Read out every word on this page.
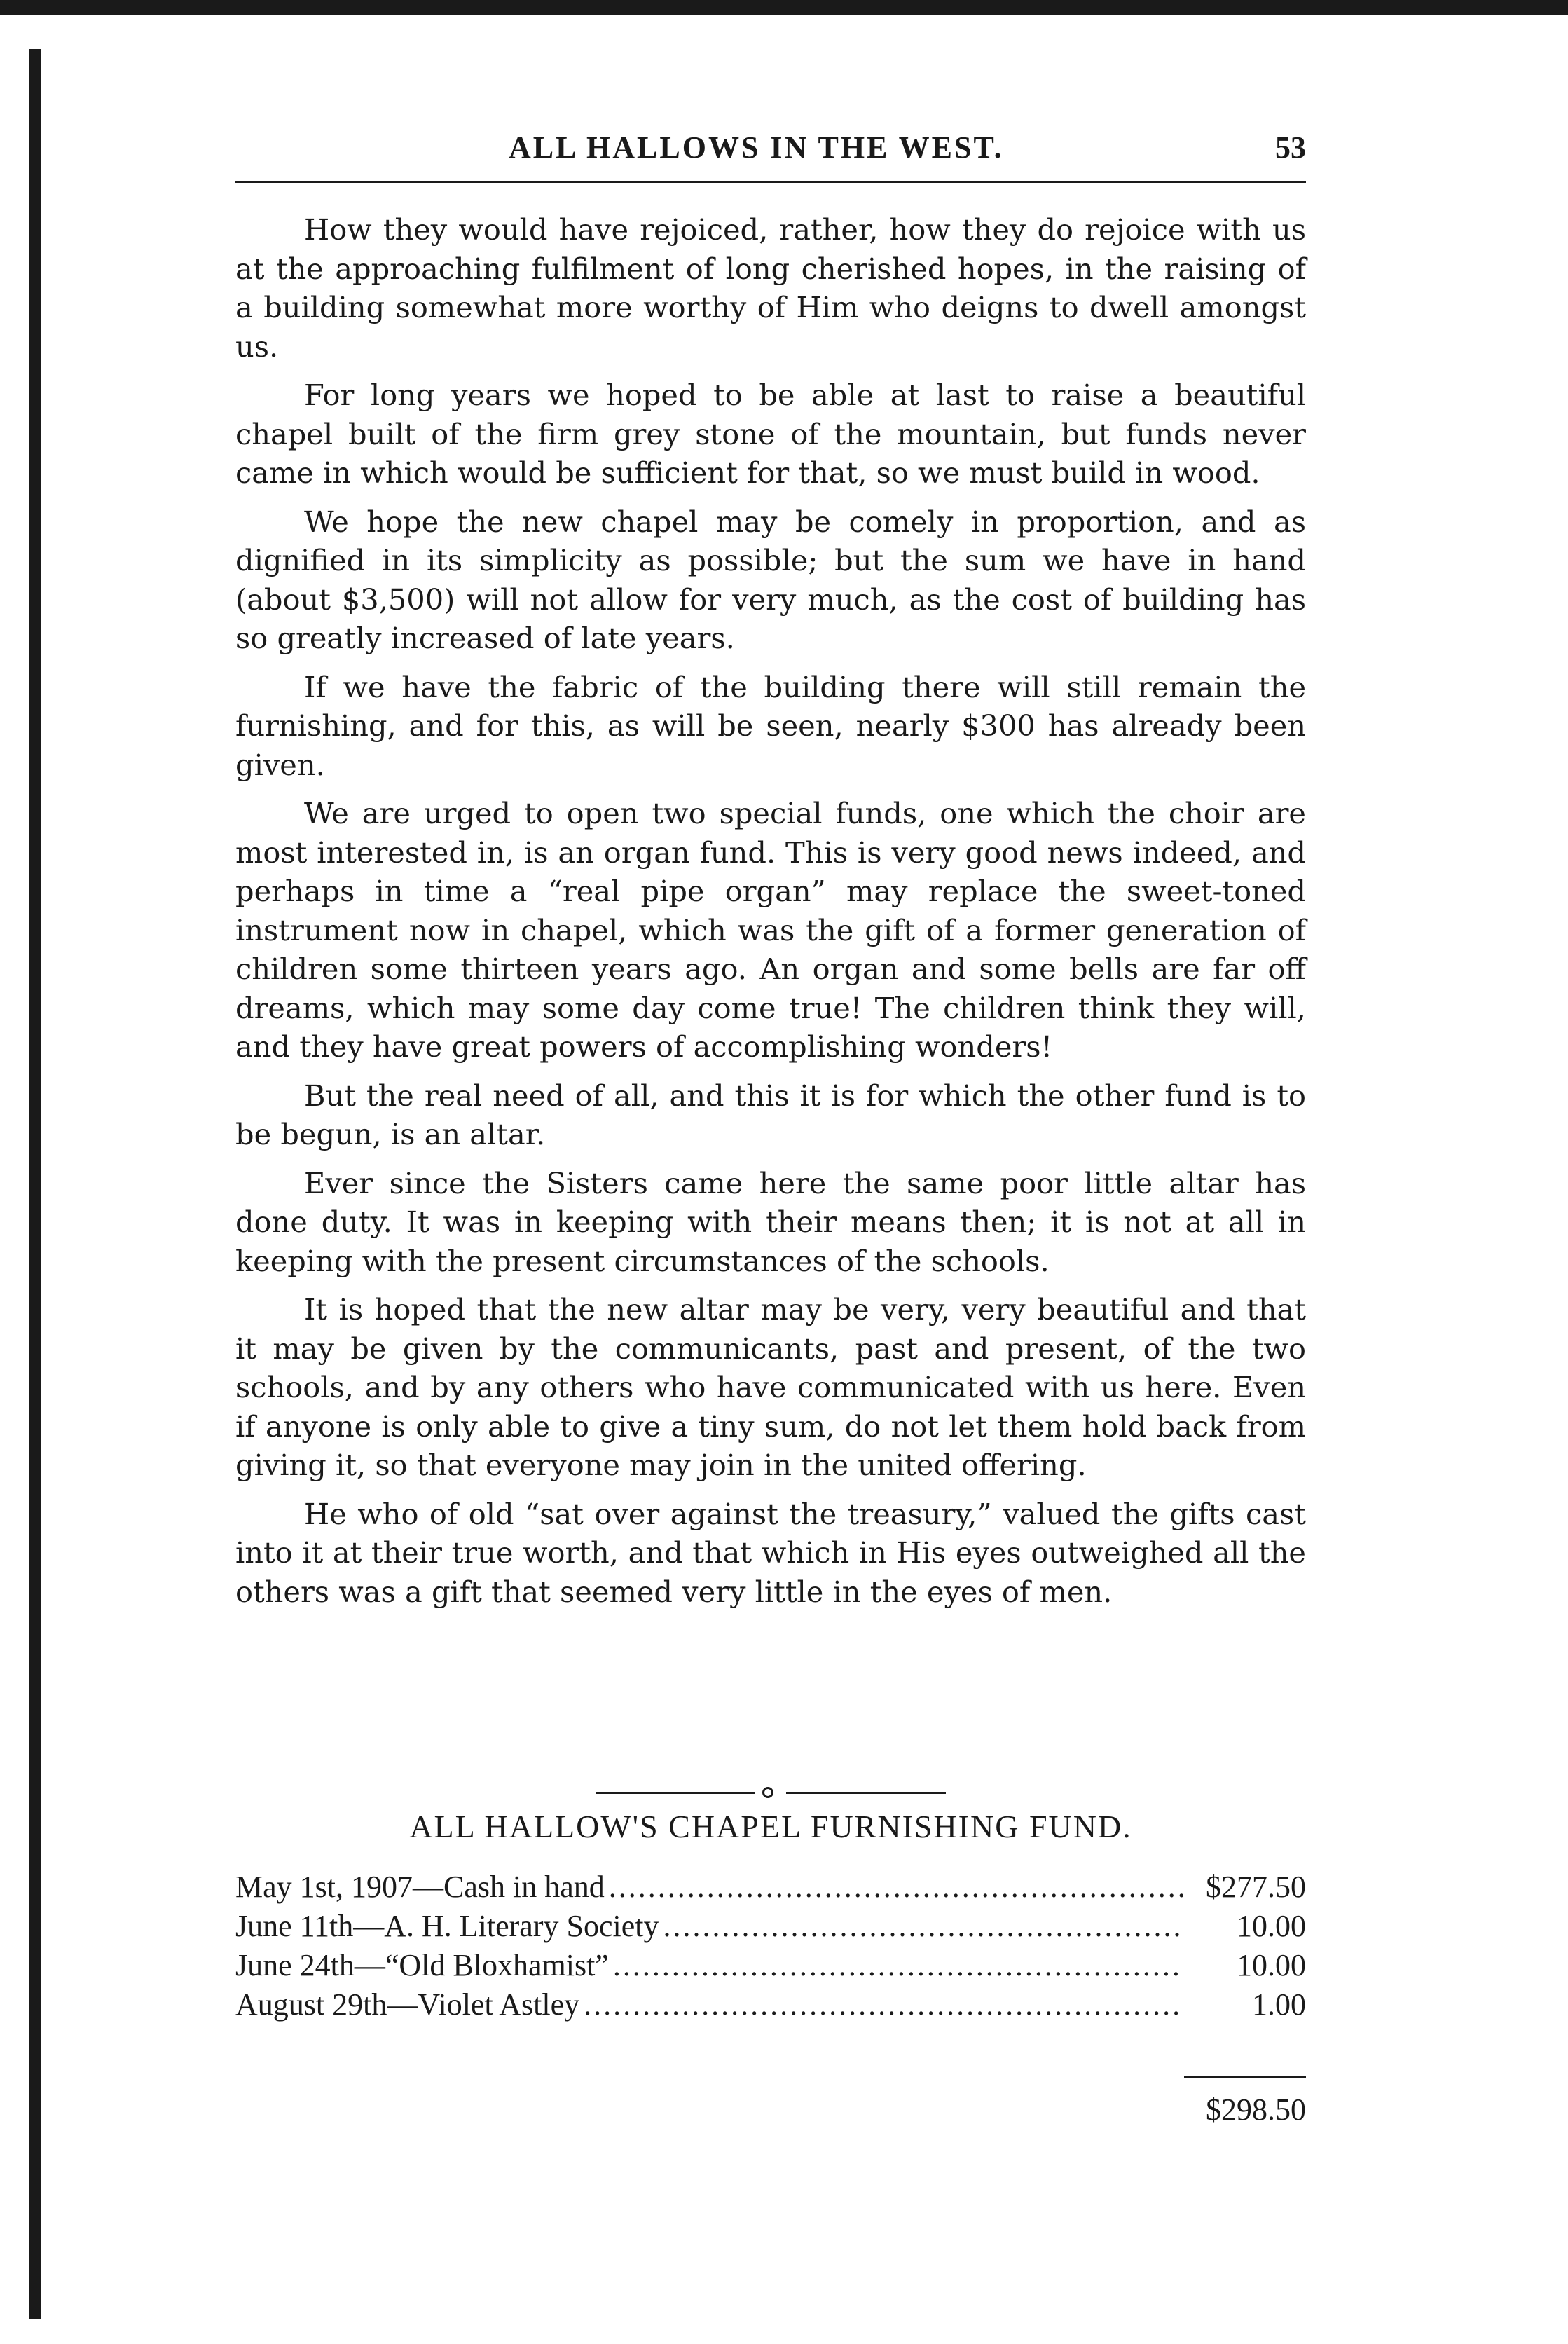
ALL HALLOWS IN THE WEST.	53

How they would have rejoiced, rather, how they do rejoice with us at the approaching fulfilment of long cherished hopes, in the raising of a building somewhat more worthy of Him who deigns to dwell amongst us.

For long years we hoped to be able at last to raise a beautiful chapel built of the firm grey stone of the mountain, but funds never came in which would be sufficient for that, so we must build in wood.

We hope the new chapel may be comely in proportion, and as dignified in its simplicity as possible; but the sum we have in hand (about $3,500) will not allow for very much, as the cost of building has so greatly increased of late years.

If we have the fabric of the building there will still remain the furnishing, and for this, as will be seen, nearly $300 has already been given.

We are urged to open two special funds, one which the choir are most interested in, is an organ fund. This is very good news indeed, and perhaps in time a “real pipe organ” may replace the sweet-toned instrument now in chapel, which was the gift of a former generation of children some thirteen years ago. An organ and some bells are far off dreams, which may some day come true! The children think they will, and they have great powers of accomplishing wonders!

But the real need of all, and this it is for which the other fund is to be begun, is an altar.

Ever since the Sisters came here the same poor little altar has done duty. It was in keeping with their means then; it is not at all in keeping with the present circumstances of the schools.

It is hoped that the new altar may be very, very beautiful and that it may be given by the communicants, past and present, of the two schools, and by any others who have communicated with us here. Even if anyone is only able to give a tiny sum, do not let them hold back from giving it, so that everyone may join in the united offering.

He who of old “sat over against the treasury,” valued the gifts cast into it at their true worth, and that which in His eyes outweighed all the others was a gift that seemed very little in the eyes of men.

ALL HALLOW'S CHAPEL FURNISHING FUND.
May 1st, 1907—Cash in hand .....	$277.50
June 11th—A. H. Literary Society .....	10.00
June 24th—“Old Bloxhamist” .....	10.00
August 29th—Violet Astley .....	1.00
$298.50
